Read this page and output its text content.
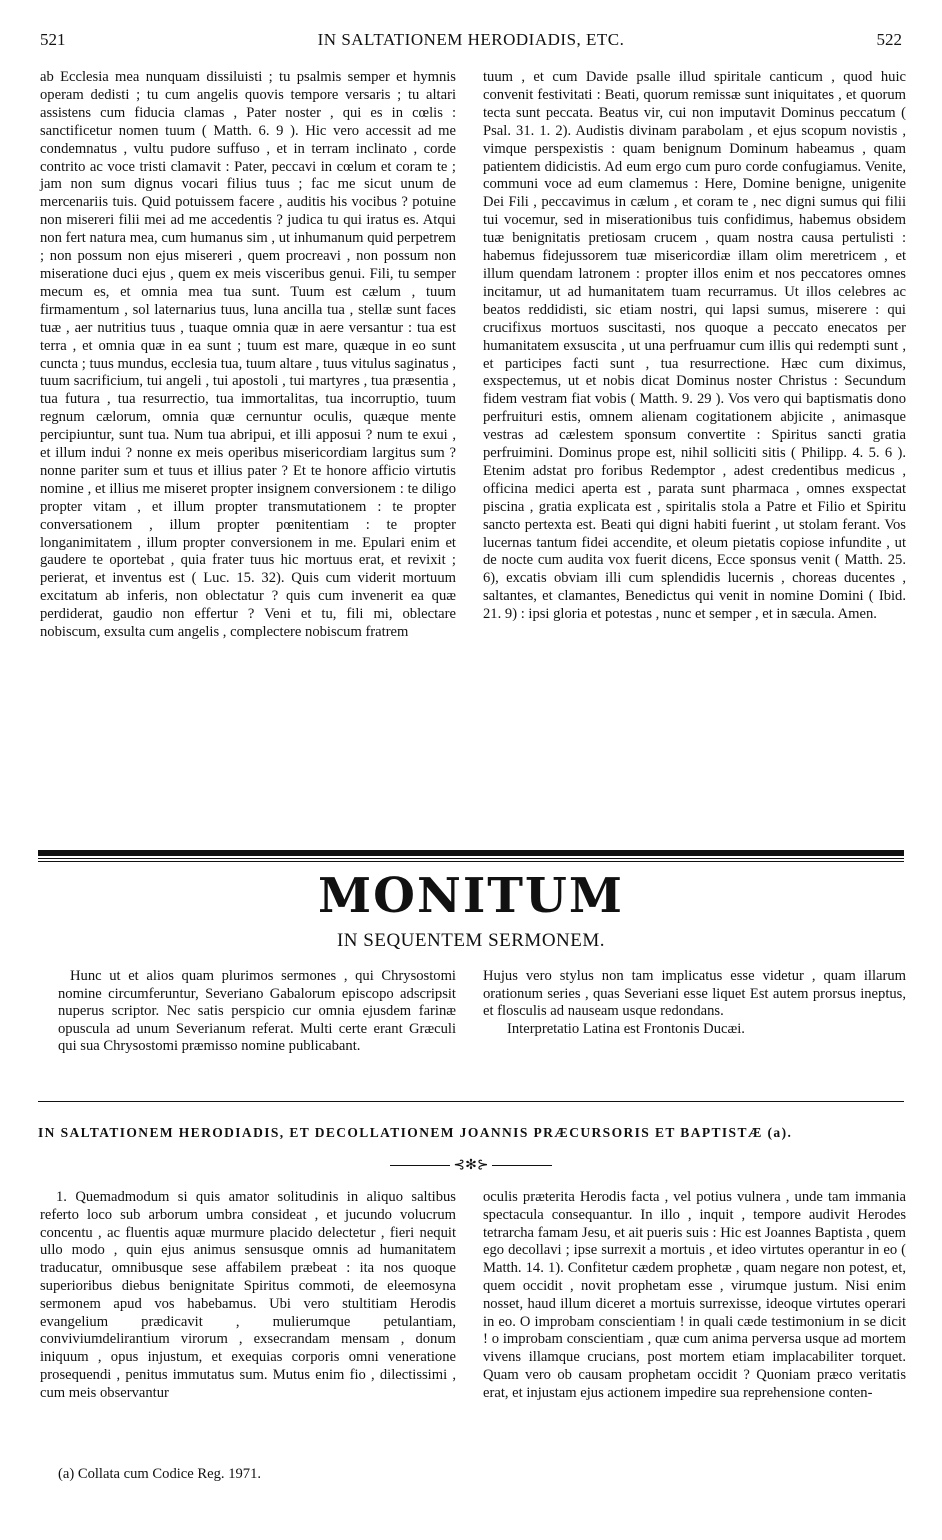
521	IN SALTATIONEM HERODIADIS, ETC.	522

ab Ecclesia mea nunquam dissiluisti ; tu psalmis semper et hymnis operam dedisti ; tu cum angelis quovis tempore versaris ; tu altari assistens cum fiducia clamas , Pater noster , qui es in cœlis : sanctificetur nomen tuum ( Matth. 6. 9 ). Hic vero accessit ad me condemnatus , vultu pudore suffuso , et in terram inclinato , corde contrito ac voce tristi clamavit : Pater, peccavi in cœlum et coram te ; jam non sum dignus vocari filius tuus ; fac me sicut unum de mercenariis tuis. Quid potuissem facere , auditis his vocibus ? potuine non misereri filii mei ad me accedentis ? judica tu qui iratus es. Atqui non fert natura mea, cum humanus sim , ut inhumanum quid perpetrem ; non possum non ejus misereri , quem procreavi , non possum non miseratione duci ejus , quem ex meis visceribus genui. Fili, tu semper mecum es, et omnia mea tua sunt. Tuum est cælum , tuum firmamentum , sol laternarius tuus, luna ancilla tua , stellæ sunt faces tuæ , aer nutritius tuus , tuaque omnia quæ in aere versantur : tua est terra , et omnia quæ in ea sunt ; tuum est mare, quæque in eo sunt cuncta ; tuus mundus, ecclesia tua, tuum altare , tuus vitulus saginatus , tuum sacrificium, tui angeli , tui apostoli , tui martyres , tua præsentia , tua futura , tua resurrectio, tua immortalitas, tua incorruptio, tuum regnum cælorum, omnia quæ cernuntur oculis, quæque mente percipiuntur, sunt tua. Num tua abripui, et illi apposui ? num te exui , et illum indui ? nonne ex meis operibus misericordiam largitus sum ? nonne pariter sum et tuus et illius pater ? Et te honore afficio virtutis nomine , et illius me miseret propter insignem conversionem : te diligo propter vitam , et illum propter transmutationem : te propter conversationem , illum propter pœnitentiam : te propter longanimitatem , illum propter conversionem in me. Epulari enim et gaudere te oportebat , quia frater tuus hic mortuus erat, et revixit ; perierat, et inventus est ( Luc. 15. 32). Quis cum viderit mortuum excitatum ab inferis, non oblectatur ? quis cum invenerit ea quæ perdiderat, gaudio non effertur ? Veni et tu, fili mi, oblectare nobiscum, exsulta cum angelis , complectere nobiscum fratrem

tuum , et cum Davide psalle illud spiritale canticum , quod huic convenit festivitati : Beati, quorum remissæ sunt iniquitates , et quorum tecta sunt peccata. Beatus vir, cui non imputavit Dominus peccatum ( Psal. 31. 1. 2). Audistis divinam parabolam , et ejus scopum novistis , vimque perspexistis : quam benignum Dominum habeamus , quam patientem didicistis. Ad eum ergo cum puro corde confugiamus. Venite, communi voce ad eum clamemus : Here, Domine benigne, unigenite Dei Fili , peccavimus in cælum , et coram te , nec digni sumus qui filii tui vocemur, sed in miserationibus tuis confidimus, habemus obsidem tuæ benignitatis pretiosam crucem , quam nostra causa pertulisti : habemus fidejussorem tuæ misericordiæ illam olim meretricem , et illum quendam latronem : propter illos enim et nos peccatores omnes incitamur, ut ad humanitatem tuam recurramus. Ut illos celebres ac beatos reddidisti, sic etiam nostri, qui lapsi sumus, miserere : qui crucifixus mortuos suscitasti, nos quoque a peccato enecatos per humanitatem exsuscita , ut una perfruamur cum illis qui redempti sunt , et participes facti sunt , tua resurrectione. Hæc cum diximus, exspectemus, ut et nobis dicat Dominus noster Christus : Secundum fidem vestram fiat vobis ( Matth. 9. 29 ). Vos vero qui baptismatis dono perfruituri estis, omnem alienam cogitationem abjicite , animasque vestras ad cælestem sponsum convertite : Spiritus sancti gratia perfruimini. Dominus prope est, nihil solliciti sitis ( Philipp. 4. 5. 6 ). Etenim adstat pro foribus Redemptor , adest credentibus medicus , officina medici aperta est , parata sunt pharmaca , omnes exspectat piscina , gratia explicata est , spiritalis stola a Patre et Filio et Spiritu sancto pertexta est. Beati qui digni habiti fuerint , ut stolam ferant. Vos lucernas tantum fidei accendite, et oleum pietatis copiose infundite , ut de nocte cum audita vox fuerit dicens, Ecce sponsus venit ( Matth. 25. 6), excatis obviam illi cum splendidis lucernis , choreas ducentes , saltantes, et clamantes, Benedictus qui venit in nomine Domini ( Ibid. 21. 9) : ipsi gloria et potestas , nunc et semper , et in sæcula. Amen.

MONITUM
IN SEQUENTEM SERMONEM.
Hunc ut et alios quam plurimos sermones , qui Chrysostomi nomine circumferuntur, Severiano Gabalorum episcopo adscripsit nuperus scriptor. Nec satis perspicio cur omnia ejusdem farinæ opuscula ad unum Severianum referat. Multi certe erant Græculi qui sua Chrysostomi præmisso nomine publicabant.

Hujus vero stylus non tam implicatus esse videtur , quam illarum orationum series , quas Severiani esse liquet Est autem prorsus ineptus, et flosculis ad nauseam usque redondans.

Interpretatio Latina est Frontonis Ducæi.

IN SALTATIONEM HERODIADIS, ET DECOLLATIONEM JOANNIS PRÆCURSORIS ET BAPTISTÆ (a).
⊰✻⊱
1. Quemadmodum si quis amator solitudinis in aliquo saltibus referto loco sub arborum umbra consideat , et jucundo volucrum concentu , ac fluentis aquæ murmure placido delectetur , fieri nequit ullo modo , quin ejus animus sensusque omnis ad humanitatem traducatur, omnibusque sese affabilem præbeat : ita nos quoque superioribus diebus benignitate Spiritus commoti, de eleemosyna sermonem apud vos habebamus. Ubi vero stultitiam Herodis evangelium prædicavit , mulierumque petulantiam, conviviumdelirantium virorum , exsecrandam mensam , donum iniquum , opus injustum, et exequias corporis omni veneratione prosequendi , penitus immutatus sum. Mutus enim fio , dilectissimi , cum meis observantur
oculis præterita Herodis facta , vel potius vulnera , unde tam immania spectacula consequantur. In illo , inquit , tempore audivit Herodes tetrarcha famam Jesu, et ait pueris suis : Hic est Joannes Baptista , quem ego decollavi ; ipse surrexit a mortuis , et ideo virtutes operantur in eo ( Matth. 14. 1). Confitetur cædem prophetæ , quam negare non potest, et, quem occidit , novit prophetam esse , virumque justum. Nisi enim nosset, haud illum diceret a mortuis surrexisse, ideoque virtutes operari in eo. O improbam conscientiam ! in quali cæde testimonium in se dicit ! o improbam conscientiam , quæ cum anima perversa usque ad mortem vivens illamque crucians, post mortem etiam implacabiliter torquet. Quam vero ob causam prophetam occidit ? Quoniam præco veritatis erat, et injustam ejus actionem impedire sua reprehensione conten-
(a) Collata cum Codice Reg. 1971.
